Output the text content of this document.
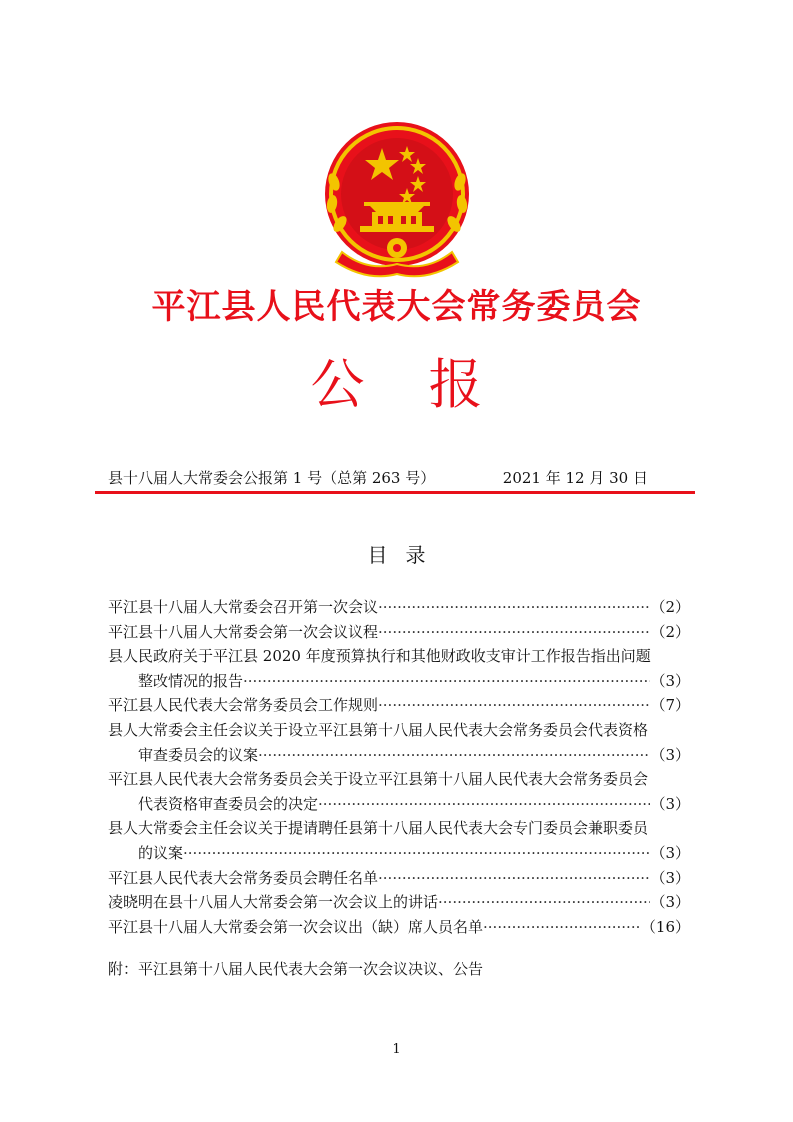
平江县人民代表大会常务委员会
公报
县十八届人大常委会公报第 1 号（总第 263 号）	2021 年 12 月 30 日
目录
平江县十八届人大常委会召开第一次会议 ·····	（2）
平江县十八届人大常委会第一次会议议程 ·····	（2）
县人民政府关于平江县 2020 年度预算执行和其他财政收支审计工作报告指出问题
整改情况的报告 ·····	（3）
平江县人民代表大会常务委员会工作规则 ·····	（7）
县人大常委会主任会议关于设立平江县第十八届人民代表大会常务委员会代表资格
审查委员会的议案 ·····	（3）
平江县人民代表大会常务委员会关于设立平江县第十八届人民代表大会常务委员会
代表资格审查委员会的决定 ·····	（3）
县人大常委会主任会议关于提请聘任县第十八届人民代表大会专门委员会兼职委员
的议案 ·····	（3）
平江县人民代表大会常务委员会聘任名单 ·····	（3）
凌晓明在县十八届人大常委会第一次会议上的讲话 ·····	（3）
平江县十八届人大常委会第一次会议出（缺）席人员名单 ·····	（16）
附：平江县第十八届人民代表大会第一次会议决议、公告
1
